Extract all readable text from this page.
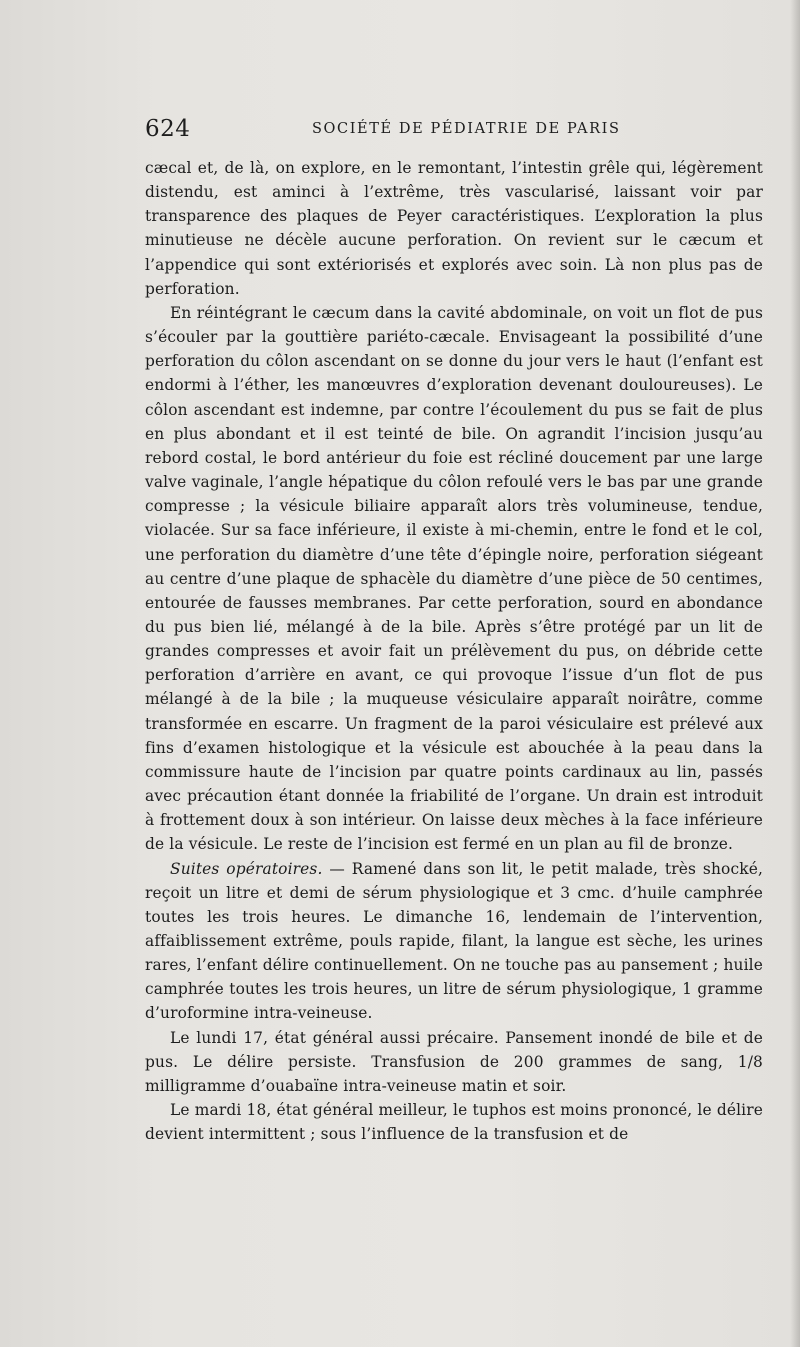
624	SOCIÉTÉ DE PÉDIATRIE DE PARIS

cæcal et, de là, on explore, en le remontant, l’intestin grêle qui, légèrement distendu, est aminci à l’extrême, très vascularisé, laissant voir par transparence des plaques de Peyer caractéristiques. L’exploration la plus minutieuse ne décèle aucune perforation. On revient sur le cæcum et l’appendice qui sont extériorisés et explorés avec soin. Là non plus pas de perforation.

En réintégrant le cæcum dans la cavité abdominale, on voit un flot de pus s’écouler par la gouttière pariéto-cæcale. Envisageant la possibilité d’une perforation du côlon ascendant on se donne du jour vers le haut (l’enfant est endormi à l’éther, les manœuvres d’exploration devenant douloureuses). Le côlon ascendant est indemne, par contre l’écoulement du pus se fait de plus en plus abondant et il est teinté de bile. On agrandit l’incision jusqu’au rebord costal, le bord antérieur du foie est récliné doucement par une large valve vaginale, l’angle hépatique du côlon refoulé vers le bas par une grande compresse ; la vésicule biliaire apparaît alors très volumineuse, tendue, violacée. Sur sa face inférieure, il existe à mi-chemin, entre le fond et le col, une perforation du diamètre d’une tête d’épingle noire, perforation siégeant au centre d’une plaque de sphacèle du diamètre d’une pièce de 50 centimes, entourée de fausses membranes. Par cette perforation, sourd en abondance du pus bien lié, mélangé à de la bile. Après s’être protégé par un lit de grandes compresses et avoir fait un prélèvement du pus, on débride cette perforation d’arrière en avant, ce qui provoque l’issue d’un flot de pus mélangé à de la bile ; la muqueuse vésiculaire apparaît noirâtre, comme transformée en escarre. Un fragment de la paroi vésiculaire est prélevé aux fins d’examen histologique et la vésicule est abouchée à la peau dans la commissure haute de l’incision par quatre points cardinaux au lin, passés avec précaution étant donnée la friabilité de l’organe. Un drain est introduit à frottement doux à son intérieur. On laisse deux mèches à la face inférieure de la vésicule. Le reste de l’incision est fermé en un plan au fil de bronze.

Suites opératoires. — Ramené dans son lit, le petit malade, très shocké, reçoit un litre et demi de sérum physiologique et 3 cmc. d’huile camphrée toutes les trois heures. Le dimanche 16, lendemain de l’intervention, affaiblissement extrême, pouls rapide, filant, la langue est sèche, les urines rares, l’enfant délire continuellement. On ne touche pas au pansement ; huile camphrée toutes les trois heures, un litre de sérum physiologique, 1 gramme d’uroformine intra-veineuse.

Le lundi 17, état général aussi précaire. Pansement inondé de bile et de pus. Le délire persiste. Transfusion de 200 grammes de sang, 1/8 milligramme d’ouabaïne intra-veineuse matin et soir.

Le mardi 18, état général meilleur, le tuphos est moins prononcé, le délire devient intermittent ; sous l’influence de la transfusion et de
